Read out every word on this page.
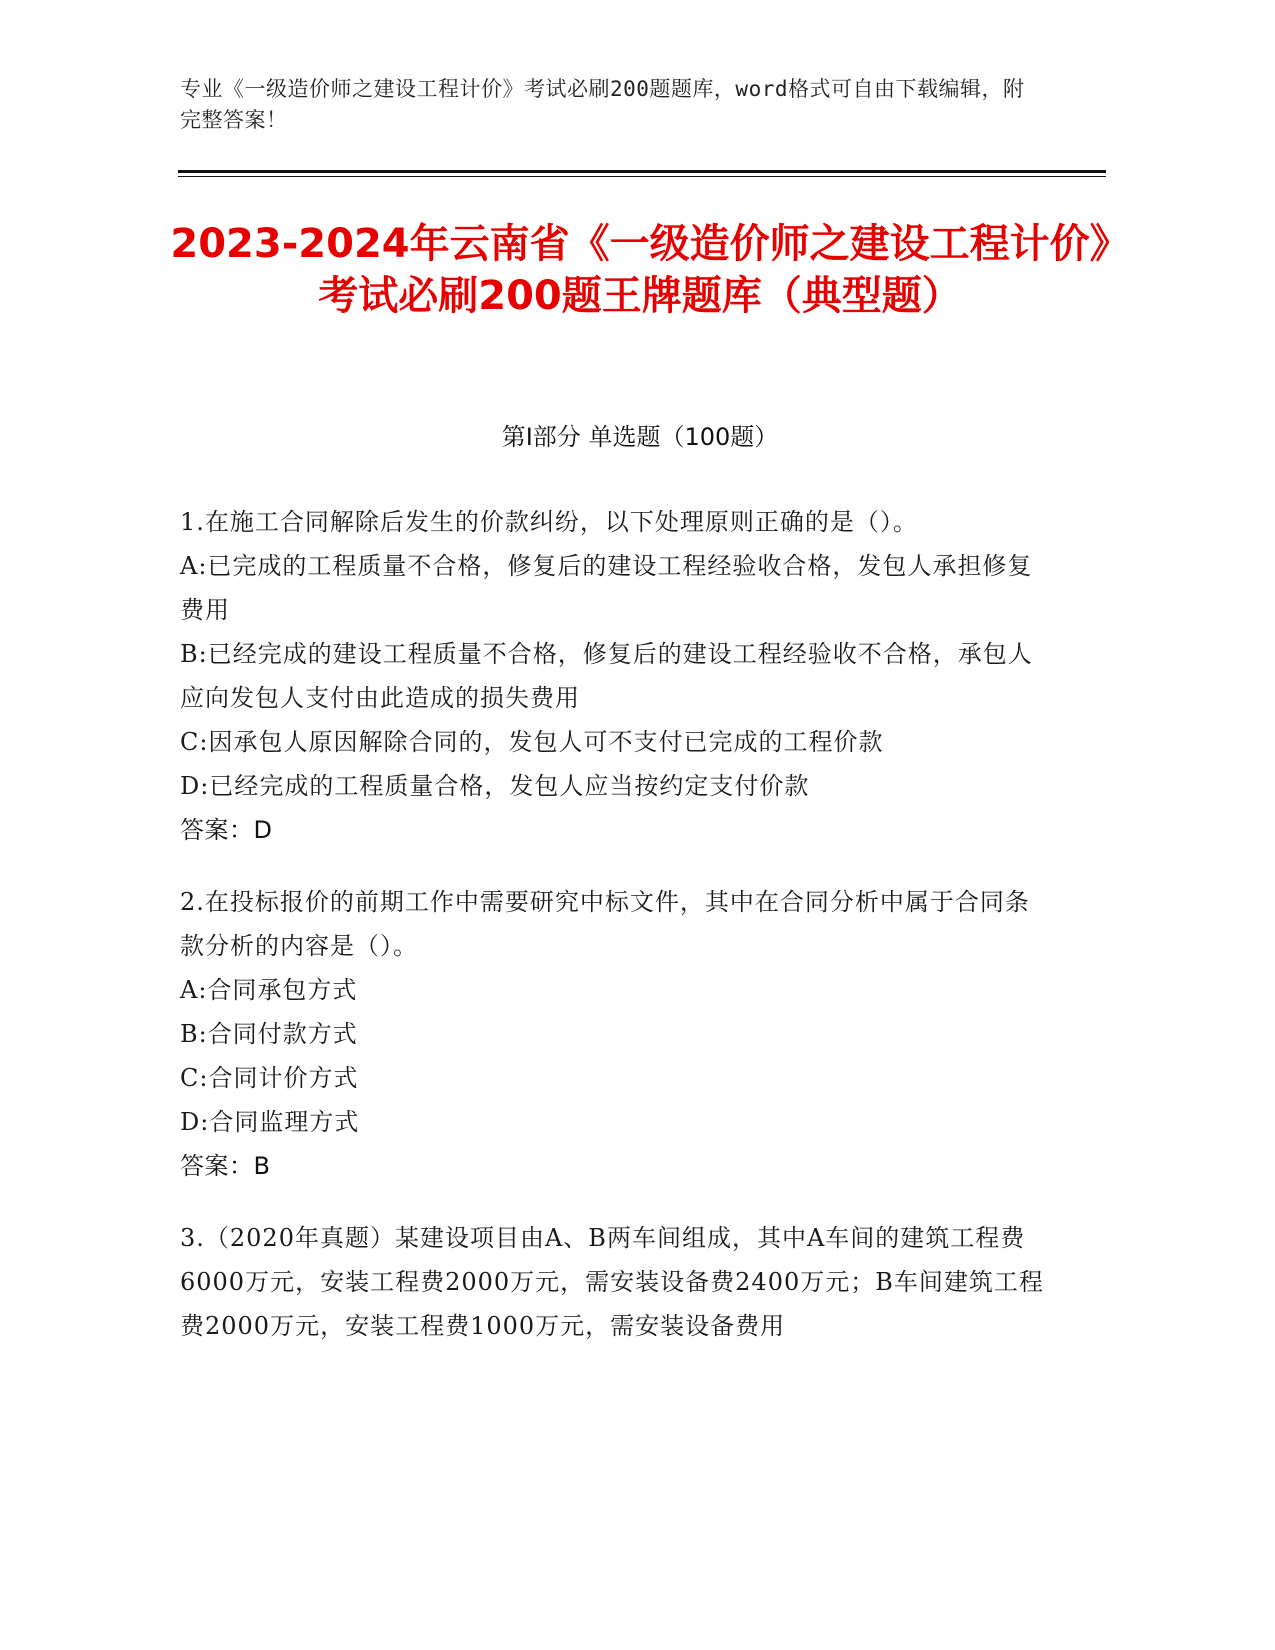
专业《一级造价师之建设工程计价》考试必刷200题题库，word格式可自由下载编辑，附完整答案！
2023-2024年云南省《一级造价师之建设工程计价》考试必刷200题王牌题库（典型题）
第I部分 单选题（100题）

1.在施工合同解除后发生的价款纠纷，以下处理原则正确的是（）。

A:已完成的工程质量不合格，修复后的建设工程经验收合格，发包人承担修复费用

B:已经完成的建设工程质量不合格，修复后的建设工程经验收不合格，承包人应向发包人支付由此造成的损失费用

C:因承包人原因解除合同的，发包人可不支付已完成的工程价款

D:已经完成的工程质量合格，发包人应当按约定支付价款

答案：D

2.在投标报价的前期工作中需要研究中标文件，其中在合同分析中属于合同条款分析的内容是（）。

A:合同承包方式

B:合同付款方式

C:合同计价方式

D:合同监理方式

答案：B

3.（2020年真题）某建设项目由A、B两车间组成，其中A车间的建筑工程费6000万元，安装工程费2000万元，需安装设备费2400万元；B车间建筑工程费2000万元，安装工程费1000万元，需安装设备费用
